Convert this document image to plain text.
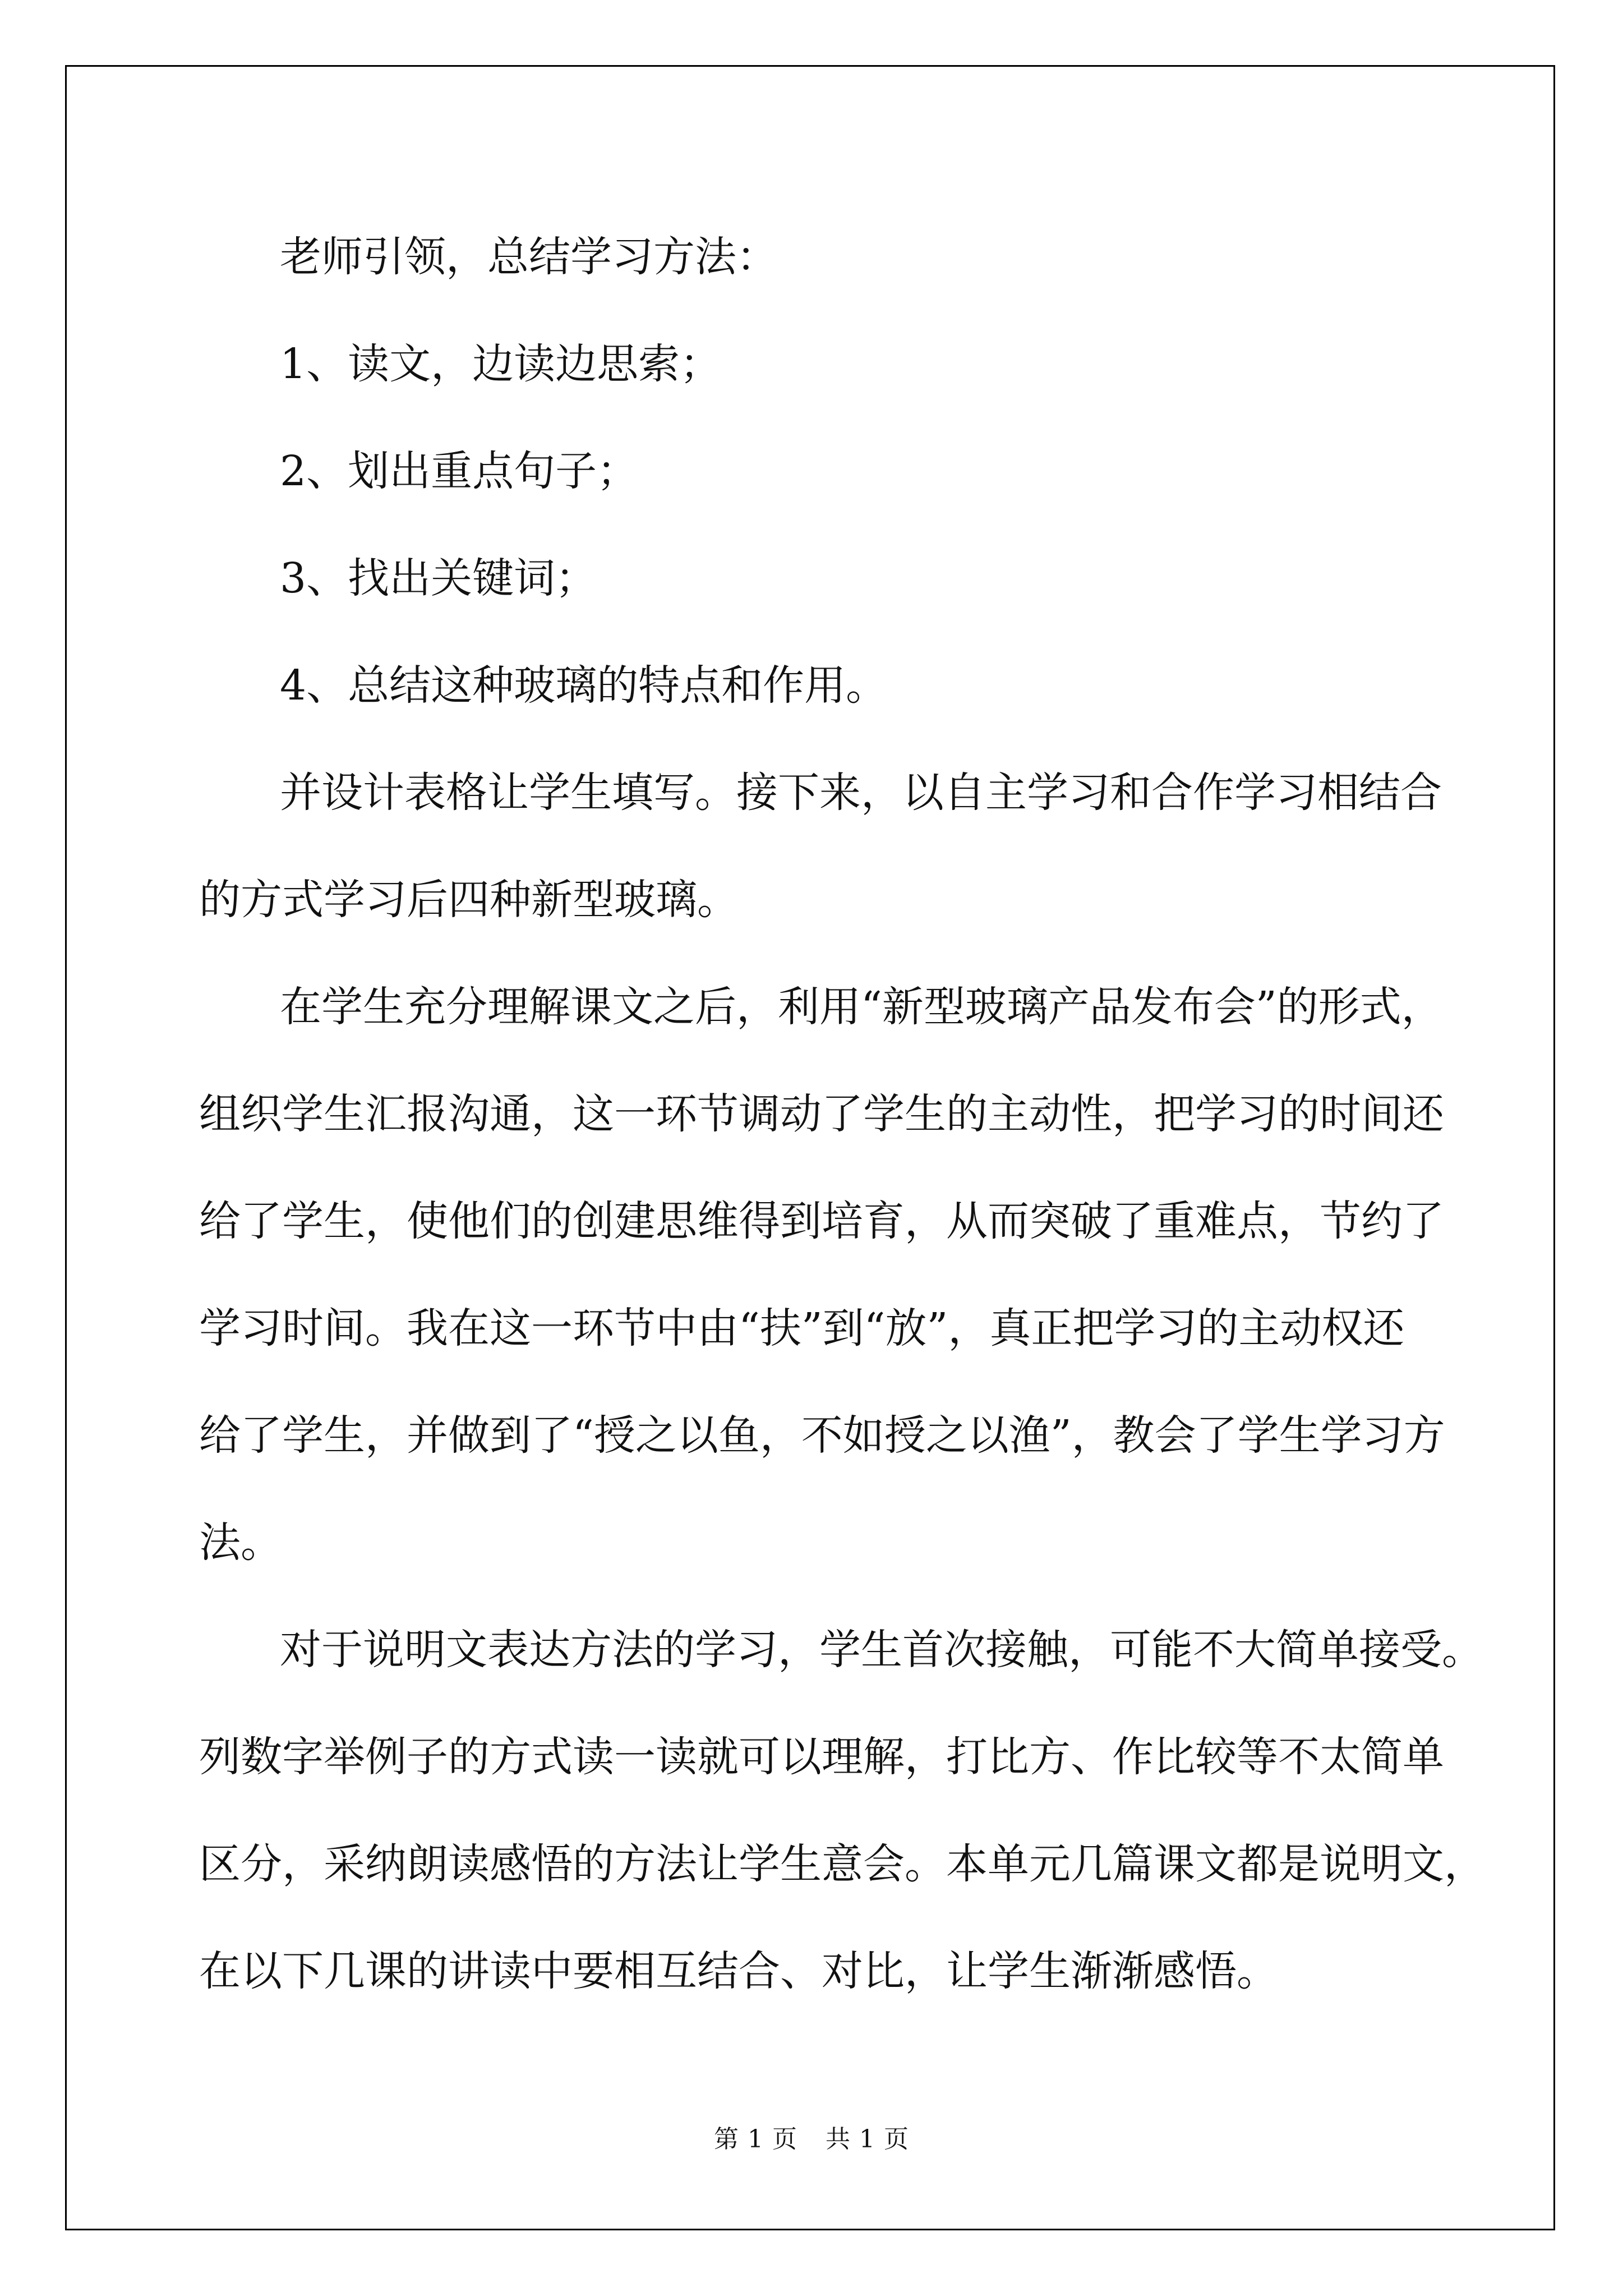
老师引领，总结学习方法：
1、读文，边读边思索；
2、划出重点句子；
3、找出关键词；
4、总结这种玻璃的特点和作用。
并设计表格让学生填写。接下来，以自主学习和合作学习相结合
的方式学习后四种新型玻璃。
在学生充分理解课文之后，利用“新型玻璃产品发布会”的形式，
组织学生汇报沟通，这一环节调动了学生的主动性，把学习的时间还
给了学生，使他们的创建思维得到培育，从而突破了重难点，节约了
学习时间。我在这一环节中由“扶”到“放”，真正把学习的主动权还
给了学生，并做到了“授之以鱼，不如授之以渔”，教会了学生学习方
法。
对于说明文表达方法的学习，学生首次接触，可能不大简单接受。
列数字举例子的方式读一读就可以理解，打比方、作比较等不太简单
区分，采纳朗读感悟的方法让学生意会。本单元几篇课文都是说明文，
在以下几课的讲读中要相互结合、对比，让学生渐渐感悟。
第 1 页 共 1 页
